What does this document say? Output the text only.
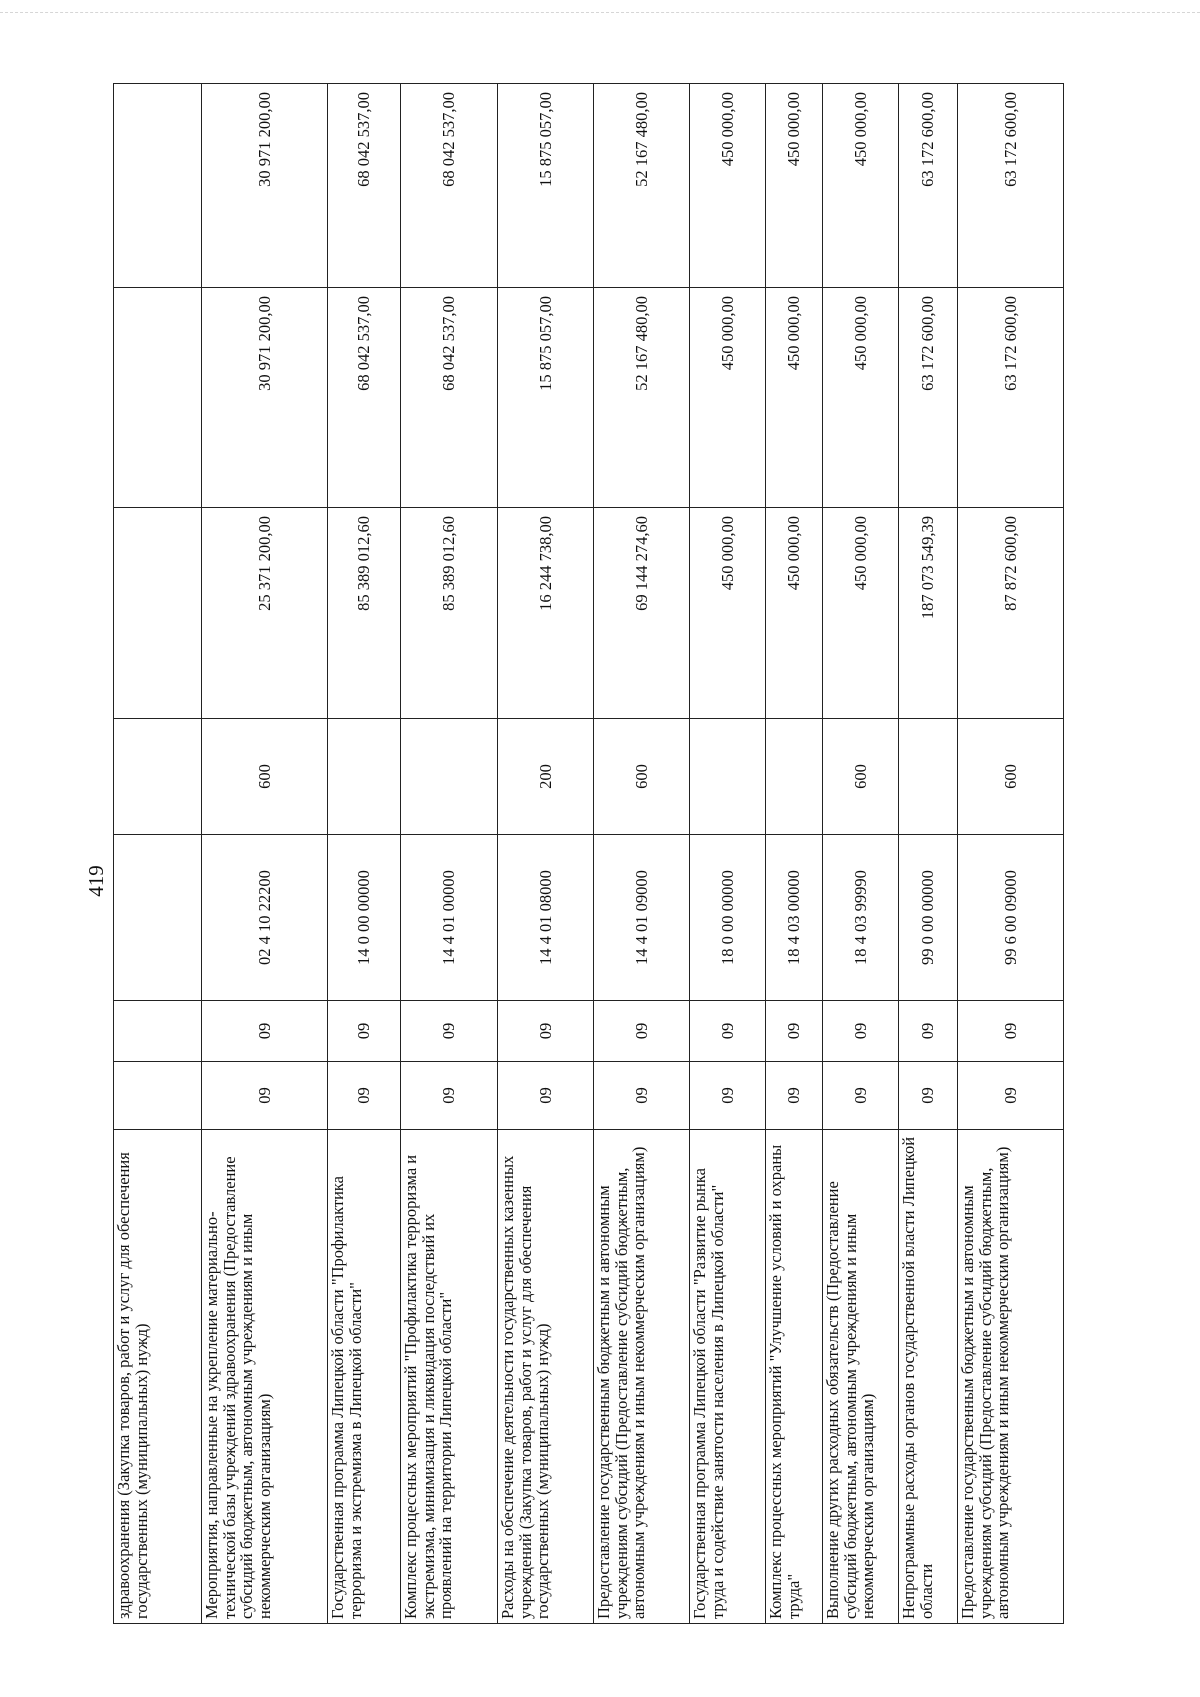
419
здравоохранения (Закупка товаров, работ и услуг для обеспечения государственных (муниципальных) нужд)							
Мероприятия, направленные на укрепление материально-технической базы учреждений здравоохранения (Предоставление субсидий бюджетным, автономным учреждениям и иным некоммерческим организациям)	09	09	02 4 10 22200	600	25 371 200,00	30 971 200,00	30 971 200,00
Государственная программа Липецкой области "Профилактика терроризма и экстремизма в Липецкой области"	09	09	14 0 00 00000		85 389 012,60	68 042 537,00	68 042 537,00
Комплекс процессных мероприятий "Профилактика терроризма и экстремизма, минимизация и ликвидация последствий их проявлений на территории Липецкой области"	09	09	14 4 01 00000		85 389 012,60	68 042 537,00	68 042 537,00
Расходы на обеспечение деятельности государственных казенных учреждений (Закупка товаров, работ и услуг для обеспечения государственных (муниципальных) нужд)	09	09	14 4 01 08000	200	16 244 738,00	15 875 057,00	15 875 057,00
Предоставление государственным бюджетным и автономным учреждениям субсидий (Предоставление субсидий бюджетным, автономным учреждениям и иным некоммерческим организациям)	09	09	14 4 01 09000	600	69 144 274,60	52 167 480,00	52 167 480,00
Государственная программа Липецкой области "Развитие рынка труда и содействие занятости населения в Липецкой области"	09	09	18 0 00 00000		450 000,00	450 000,00	450 000,00
Комплекс процессных мероприятий "Улучшение условий и охраны труда"	09	09	18 4 03 00000		450 000,00	450 000,00	450 000,00
Выполнение других расходных обязательств (Предоставление субсидий бюджетным, автономным учреждениям и иным некоммерческим организациям)	09	09	18 4 03 99990	600	450 000,00	450 000,00	450 000,00
Непрограммные расходы органов государственной власти Липецкой области	09	09	99 0 00 00000		187 073 549,39	63 172 600,00	63 172 600,00
Предоставление государственным бюджетным и автономным учреждениям субсидий (Предоставление субсидий бюджетным, автономным учреждениям и иным некоммерческим организациям)	09	09	99 6 00 09000	600	87 872 600,00	63 172 600,00	63 172 600,00
